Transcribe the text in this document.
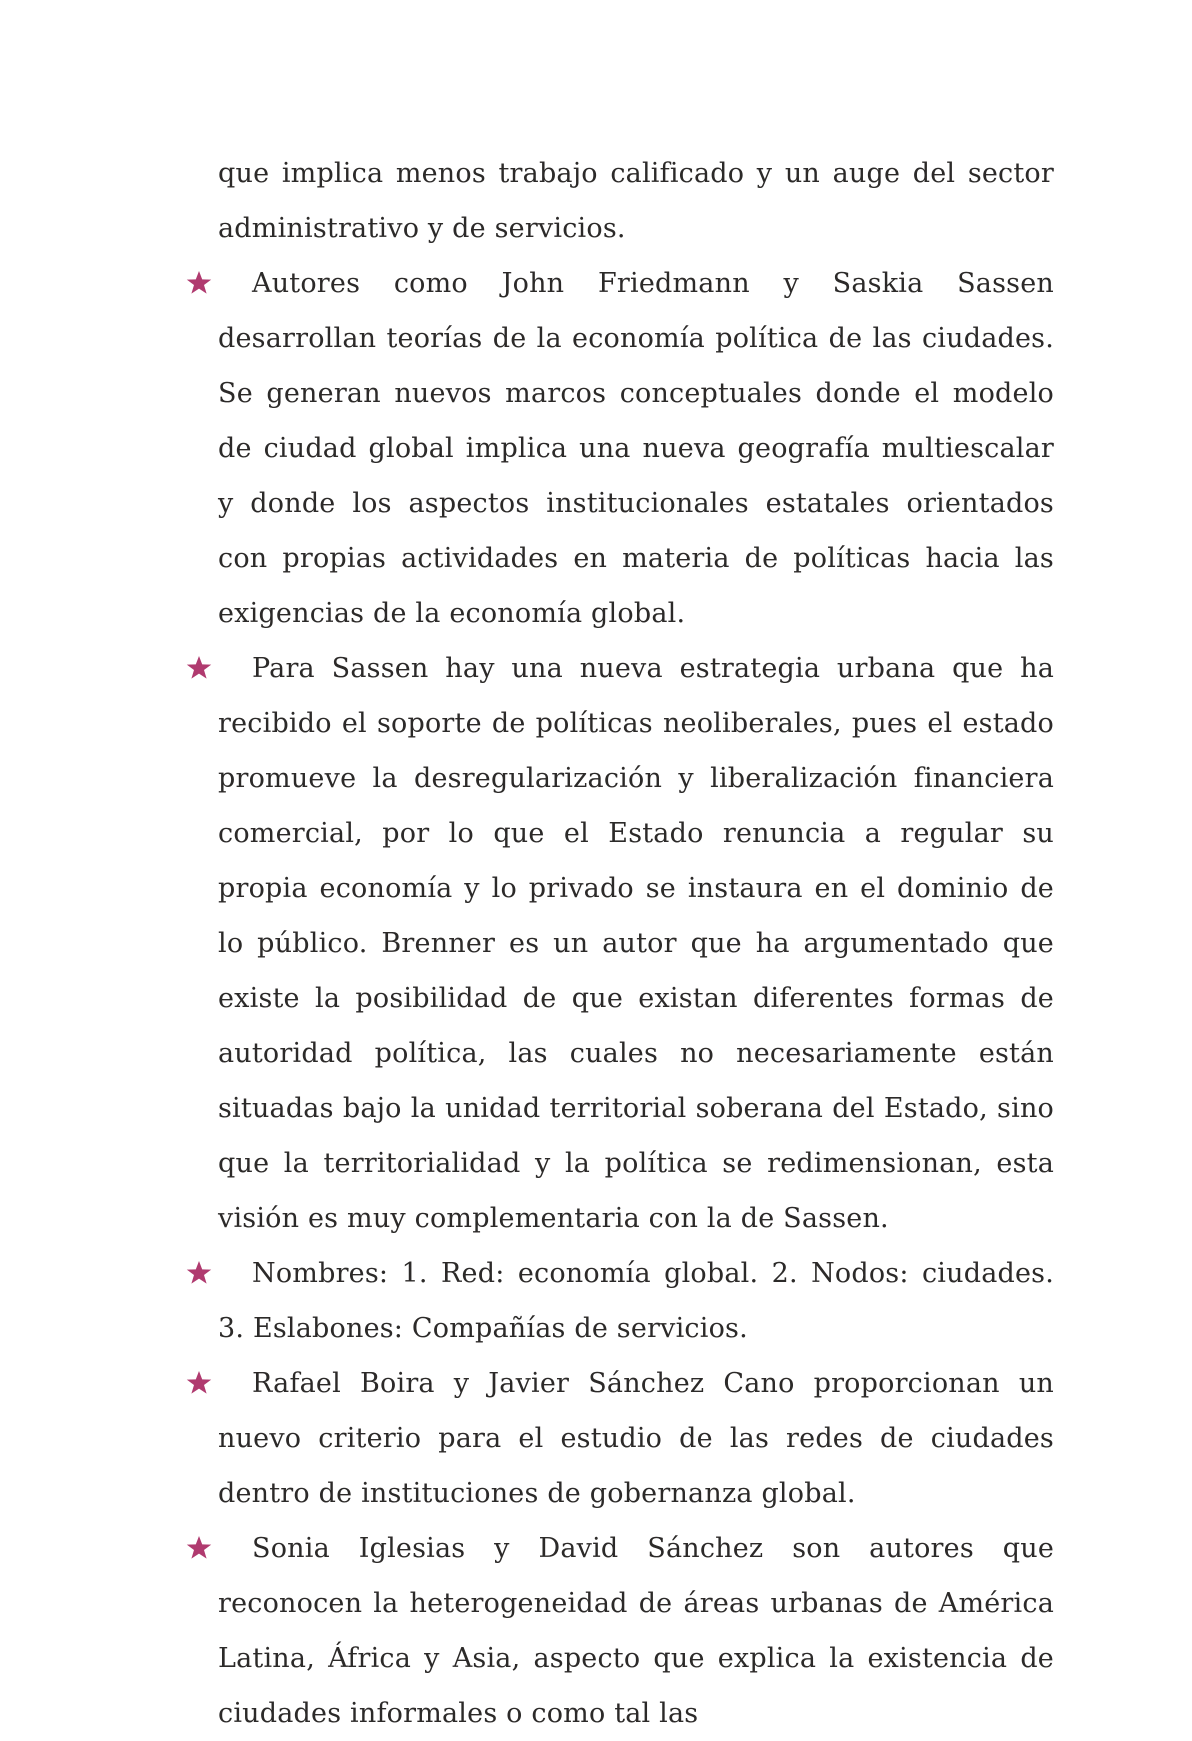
que implica menos trabajo calificado y un auge del sector administrativo y de servicios.

Autores como John Friedmann y Saskia Sassen desarrollan teorías de la economía política de las ciudades. Se generan nuevos marcos conceptuales donde el modelo de ciudad global implica una nueva geografía multiescalar y donde los aspectos institucionales estatales orientados con propias actividades en materia de políticas hacia las exigencias de la economía global.

Para Sassen hay una nueva estrategia urbana que ha recibido el soporte de políticas neoliberales, pues el estado promueve la desregularización y liberalización financiera comercial, por lo que el Estado renuncia a regular su propia economía y lo privado se instaura en el dominio de lo público. Brenner es un autor que ha argumentado que existe la posibilidad de que existan diferentes formas de autoridad política, las cuales no necesariamente están situadas bajo la unidad territorial soberana del Estado, sino que la territorialidad y la política se redimensionan, esta visión es muy complementaria con la de Sassen.

Nombres: 1. Red: economía global. 2. Nodos: ciudades. 3. Eslabones: Compañías de servicios.

Rafael Boira y Javier Sánchez Cano proporcionan un nuevo criterio para el estudio de las redes de ciudades dentro de instituciones de gobernanza global.

Sonia Iglesias y David Sánchez son autores que reconocen la heterogeneidad de áreas urbanas de América Latina, África y Asia, aspecto que explica la existencia de ciudades informales o como tal las
